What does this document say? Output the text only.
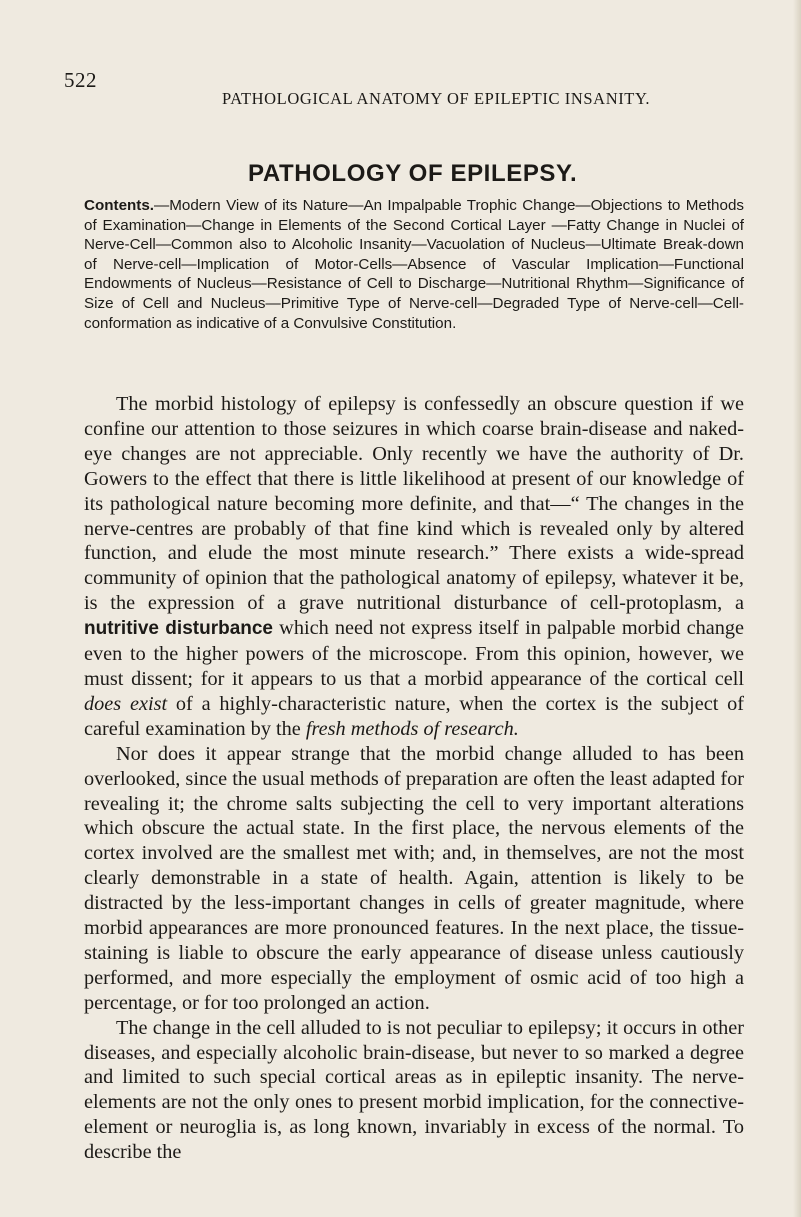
522
PATHOLOGICAL ANATOMY OF EPILEPTIC INSANITY.
PATHOLOGY OF EPILEPSY.
Contents.—Modern View of its Nature—An Impalpable Trophic Change—Objections to Methods of Examination—Change in Elements of the Second Cortical Layer —Fatty Change in Nuclei of Nerve-Cell—Common also to Alcoholic Insanity—Vacuolation of Nucleus—Ultimate Break-down of Nerve-cell—Implication of Motor-Cells—Absence of Vascular Implication—Functional Endowments of Nucleus—Resistance of Cell to Discharge—Nutritional Rhythm—Significance of Size of Cell and Nucleus—Primitive Type of Nerve-cell—Degraded Type of Nerve-cell—Cell-conformation as indicative of a Convulsive Constitution.

The morbid histology of epilepsy is confessedly an obscure question if we confine our attention to those seizures in which coarse brain-disease and naked-eye changes are not appreciable. Only recently we have the authority of Dr. Gowers to the effect that there is little likelihood at present of our knowledge of its pathological nature becoming more definite, and that—“ The changes in the nerve-centres are probably of that fine kind which is revealed only by altered function, and elude the most minute research.” There exists a wide-spread community of opinion that the pathological anatomy of epilepsy, whatever it be, is the expression of a grave nutritional disturbance of cell-protoplasm, a nutritive disturbance which need not express itself in palpable morbid change even to the higher powers of the microscope. From this opinion, however, we must dissent; for it appears to us that a morbid appearance of the cortical cell does exist of a highly-characteristic nature, when the cortex is the subject of careful examination by the fresh methods of research.

Nor does it appear strange that the morbid change alluded to has been overlooked, since the usual methods of preparation are often the least adapted for revealing it; the chrome salts subjecting the cell to very important alterations which obscure the actual state. In the first place, the nervous elements of the cortex involved are the smallest met with; and, in themselves, are not the most clearly demonstrable in a state of health. Again, attention is likely to be distracted by the less-important changes in cells of greater magnitude, where morbid appearances are more pronounced features. In the next place, the tissue-staining is liable to obscure the early appearance of disease unless cautiously performed, and more especially the employment of osmic acid of too high a percentage, or for too prolonged an action.

The change in the cell alluded to is not peculiar to epilepsy; it occurs in other diseases, and especially alcoholic brain-disease, but never to so marked a degree and limited to such special cortical areas as in epileptic insanity. The nerve-elements are not the only ones to present morbid implication, for the connective-element or neuroglia is, as long known, invariably in excess of the normal. To describe the
